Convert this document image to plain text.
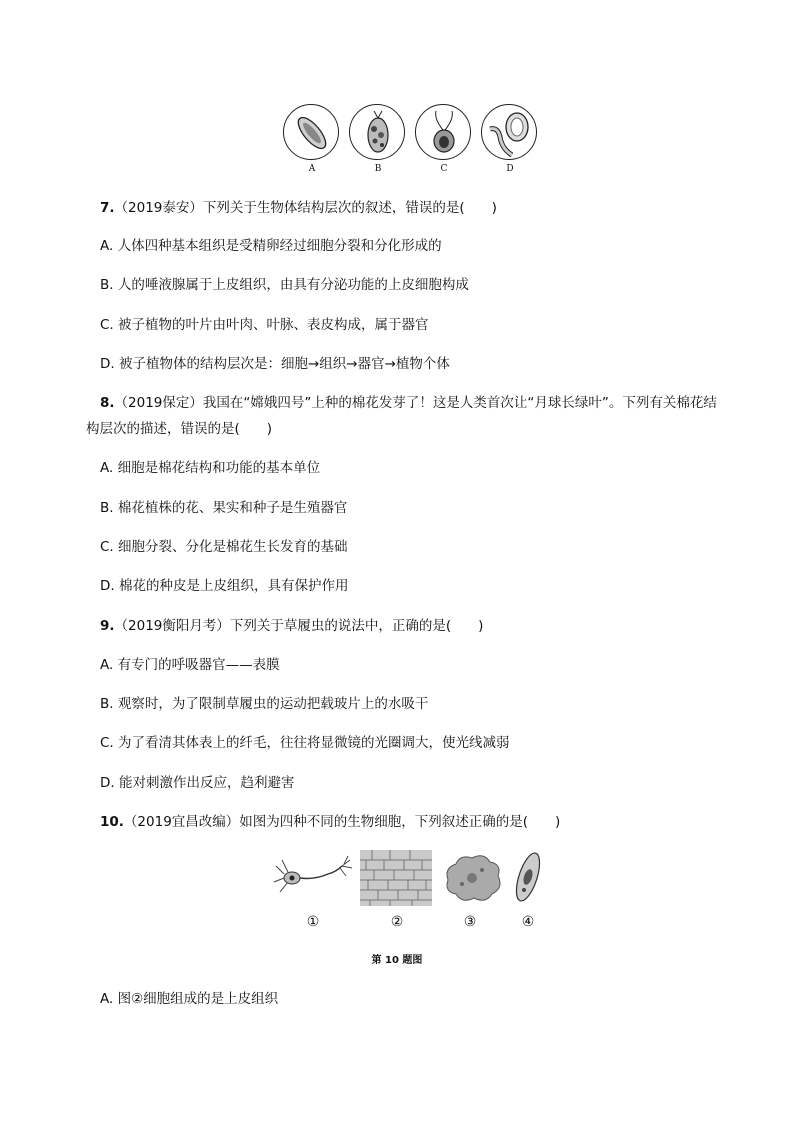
A	B	C	D
7.（2019泰安）下列关于生物体结构层次的叙述，错误的是(　　)
A. 人体四种基本组织是受精卵经过细胞分裂和分化形成的
B. 人的唾液腺属于上皮组织，由具有分泌功能的上皮细胞构成
C. 被子植物的叶片由叶肉、叶脉、表皮构成，属于器官
D. 被子植物体的结构层次是：细胞→组织→器官→植物个体
8.（2019保定）我国在“嫦娥四号”上种的棉花发芽了！这是人类首次让“月球长绿叶”。下列有关棉花结
构层次的描述，错误的是(　　)
A. 细胞是棉花结构和功能的基本单位
B. 棉花植株的花、果实和种子是生殖器官
C. 细胞分裂、分化是棉花生长发育的基础
D. 棉花的种皮是上皮组织，具有保护作用
9.（2019衡阳月考）下列关于草履虫的说法中，正确的是(　　)
A. 有专门的呼吸器官——表膜
B. 观察时，为了限制草履虫的运动把载玻片上的水吸干
C. 为了看清其体表上的纤毛，往往将显微镜的光圈调大，使光线减弱
D. 能对刺激作出反应，趋利避害
10.（2019宜昌改编）如图为四种不同的生物细胞，下列叙述正确的是(　　)
①	②	③	④
第 10 题图
A. 图②细胞组成的是上皮组织
